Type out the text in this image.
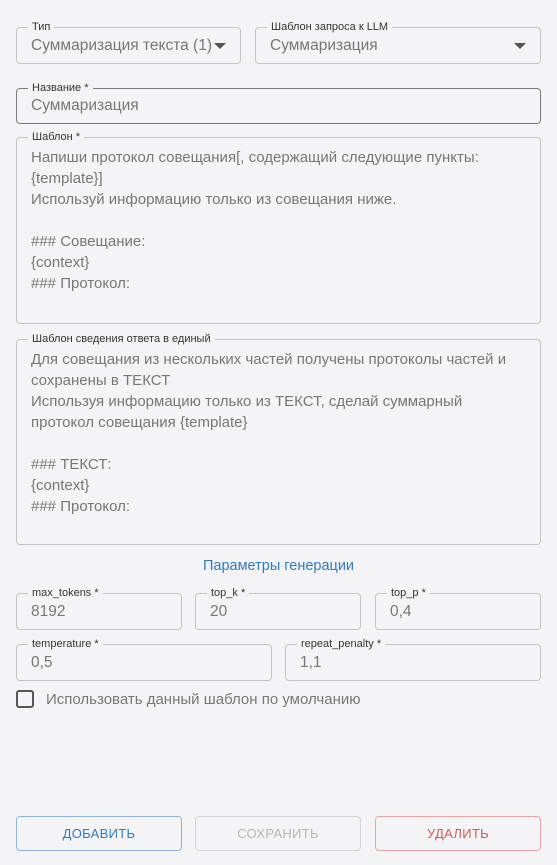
Тип
Суммаризация текста (1)
Шаблон запроса к LLM
Суммаризация
Название *
Суммаризация
Шаблон *
Напиши протокол совещания[, содержащий следующие пункты:
{template}]
Используй информацию только из совещания ниже.

### Совещание:
{context}
### Протокол:
Шаблон сведения ответа в единый
Для совещания из нескольких частей получены протоколы частей и сохранены в ТЕКСТ
Используя информацию только из ТЕКСТ, сделай суммарный протокол совещания {template}

### ТЕКСТ:
{context}
### Протокол:
Параметры генерации
max_tokens *
8192
top_k *
20
top_p *
0,4
temperature *
0,5
repeat_penalty *
1,1
Использовать данный шаблон по умолчанию
ДОБАВИТЬ	СОХРАНИТЬ	УДАЛИТЬ
